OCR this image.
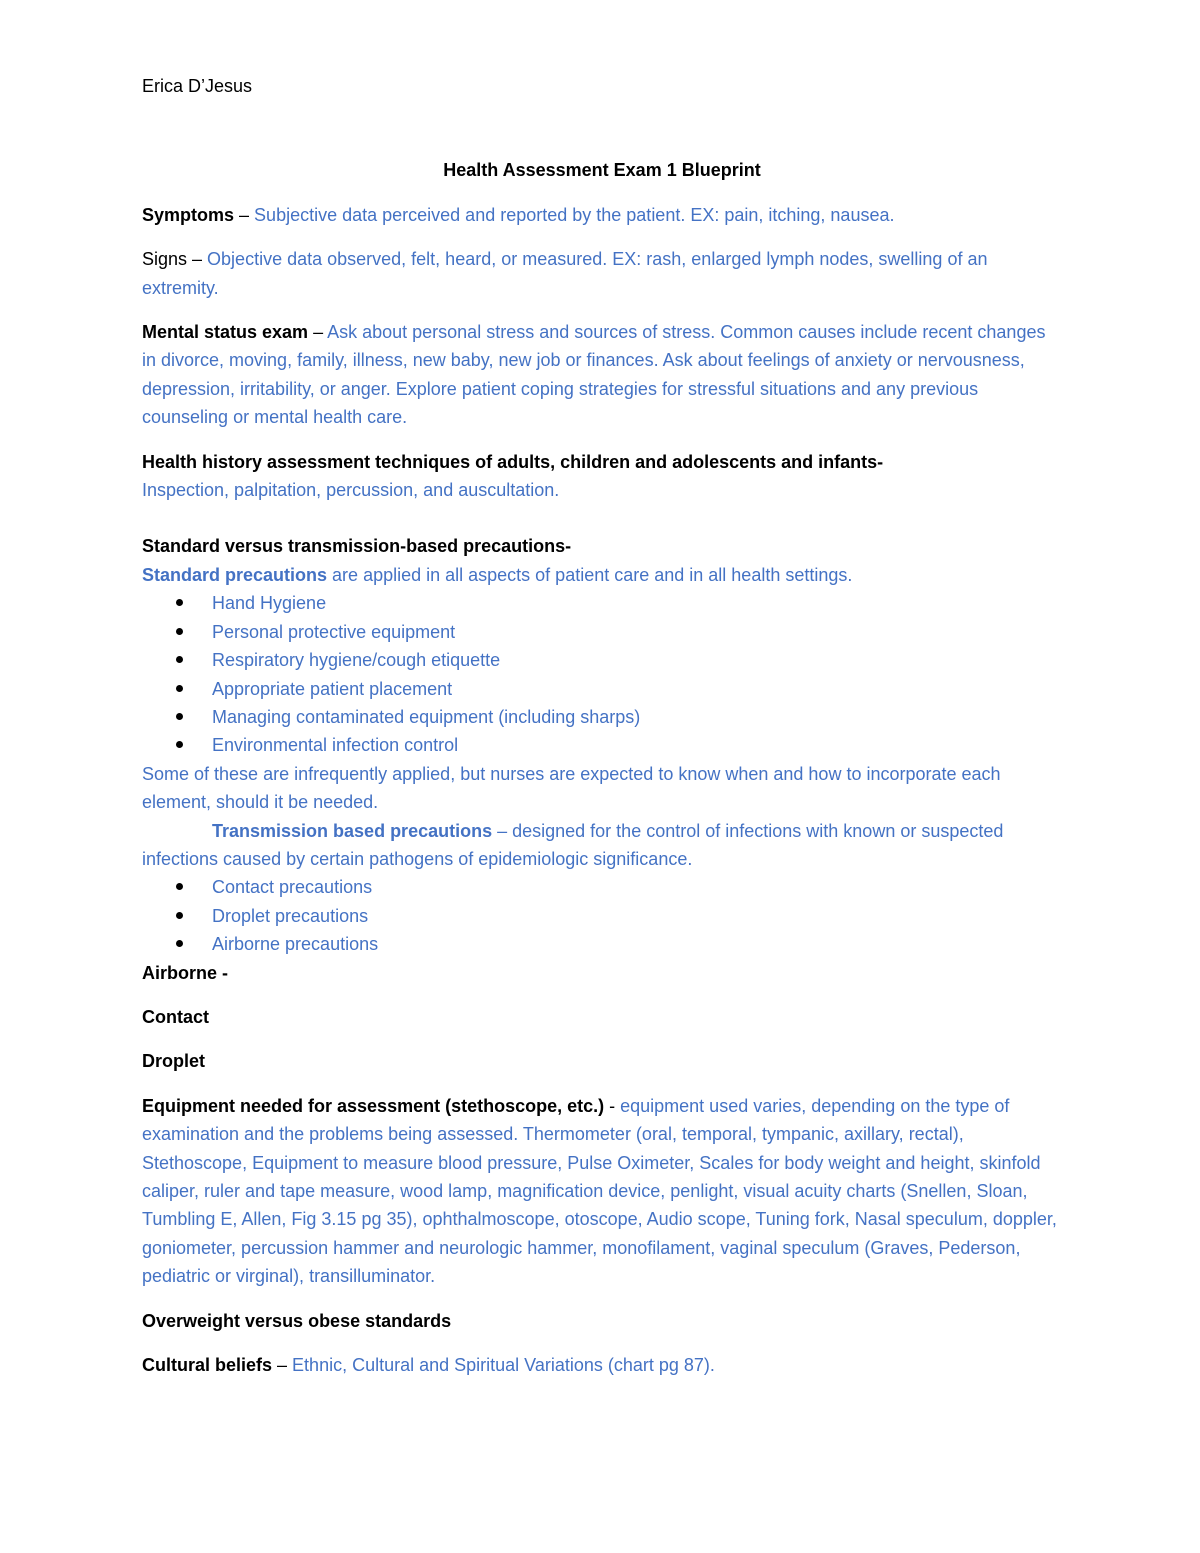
Erica D’Jesus

Health Assessment Exam 1 Blueprint

Symptoms – Subjective data perceived and reported by the patient. EX: pain, itching, nausea.

Signs – Objective data observed, felt, heard, or measured. EX: rash, enlarged lymph nodes, swelling of an extremity.

Mental status exam – Ask about personal stress and sources of stress. Common causes include recent changes in divorce, moving, family, illness, new baby, new job or finances. Ask about feelings of anxiety or nervousness, depression, irritability, or anger. Explore patient coping strategies for stressful situations and any previous counseling or mental health care.

Health history assessment techniques of adults, children and adolescents and infants-

Inspection, palpitation, percussion, and auscultation.

Standard versus transmission-based precautions-

Standard precautions are applied in all aspects of patient care and in all health settings.

Hand Hygiene
Personal protective equipment
Respiratory hygiene/cough etiquette
Appropriate patient placement
Managing contaminated equipment (including sharps)
Environmental infection control

Some of these are infrequently applied, but nurses are expected to know when and how to incorporate each element, should it be needed.

Transmission based precautions – designed for the control of infections with known or suspected infections caused by certain pathogens of epidemiologic significance.

Contact precautions
Droplet precautions
Airborne precautions

Airborne -

Contact

Droplet

Equipment needed for assessment (stethoscope, etc.) - equipment used varies, depending on the type of examination and the problems being assessed. Thermometer (oral, temporal, tympanic, axillary, rectal), Stethoscope, Equipment to measure blood pressure, Pulse Oximeter, Scales for body weight and height, skinfold caliper, ruler and tape measure, wood lamp, magnification device, penlight, visual acuity charts (Snellen, Sloan, Tumbling E, Allen, Fig 3.15 pg 35), ophthalmoscope, otoscope, Audio scope, Tuning fork, Nasal speculum, doppler, goniometer, percussion hammer and neurologic hammer, monofilament, vaginal speculum (Graves, Pederson, pediatric or virginal), transilluminator.

Overweight versus obese standards

Cultural beliefs – Ethnic, Cultural and Spiritual Variations (chart pg 87).
